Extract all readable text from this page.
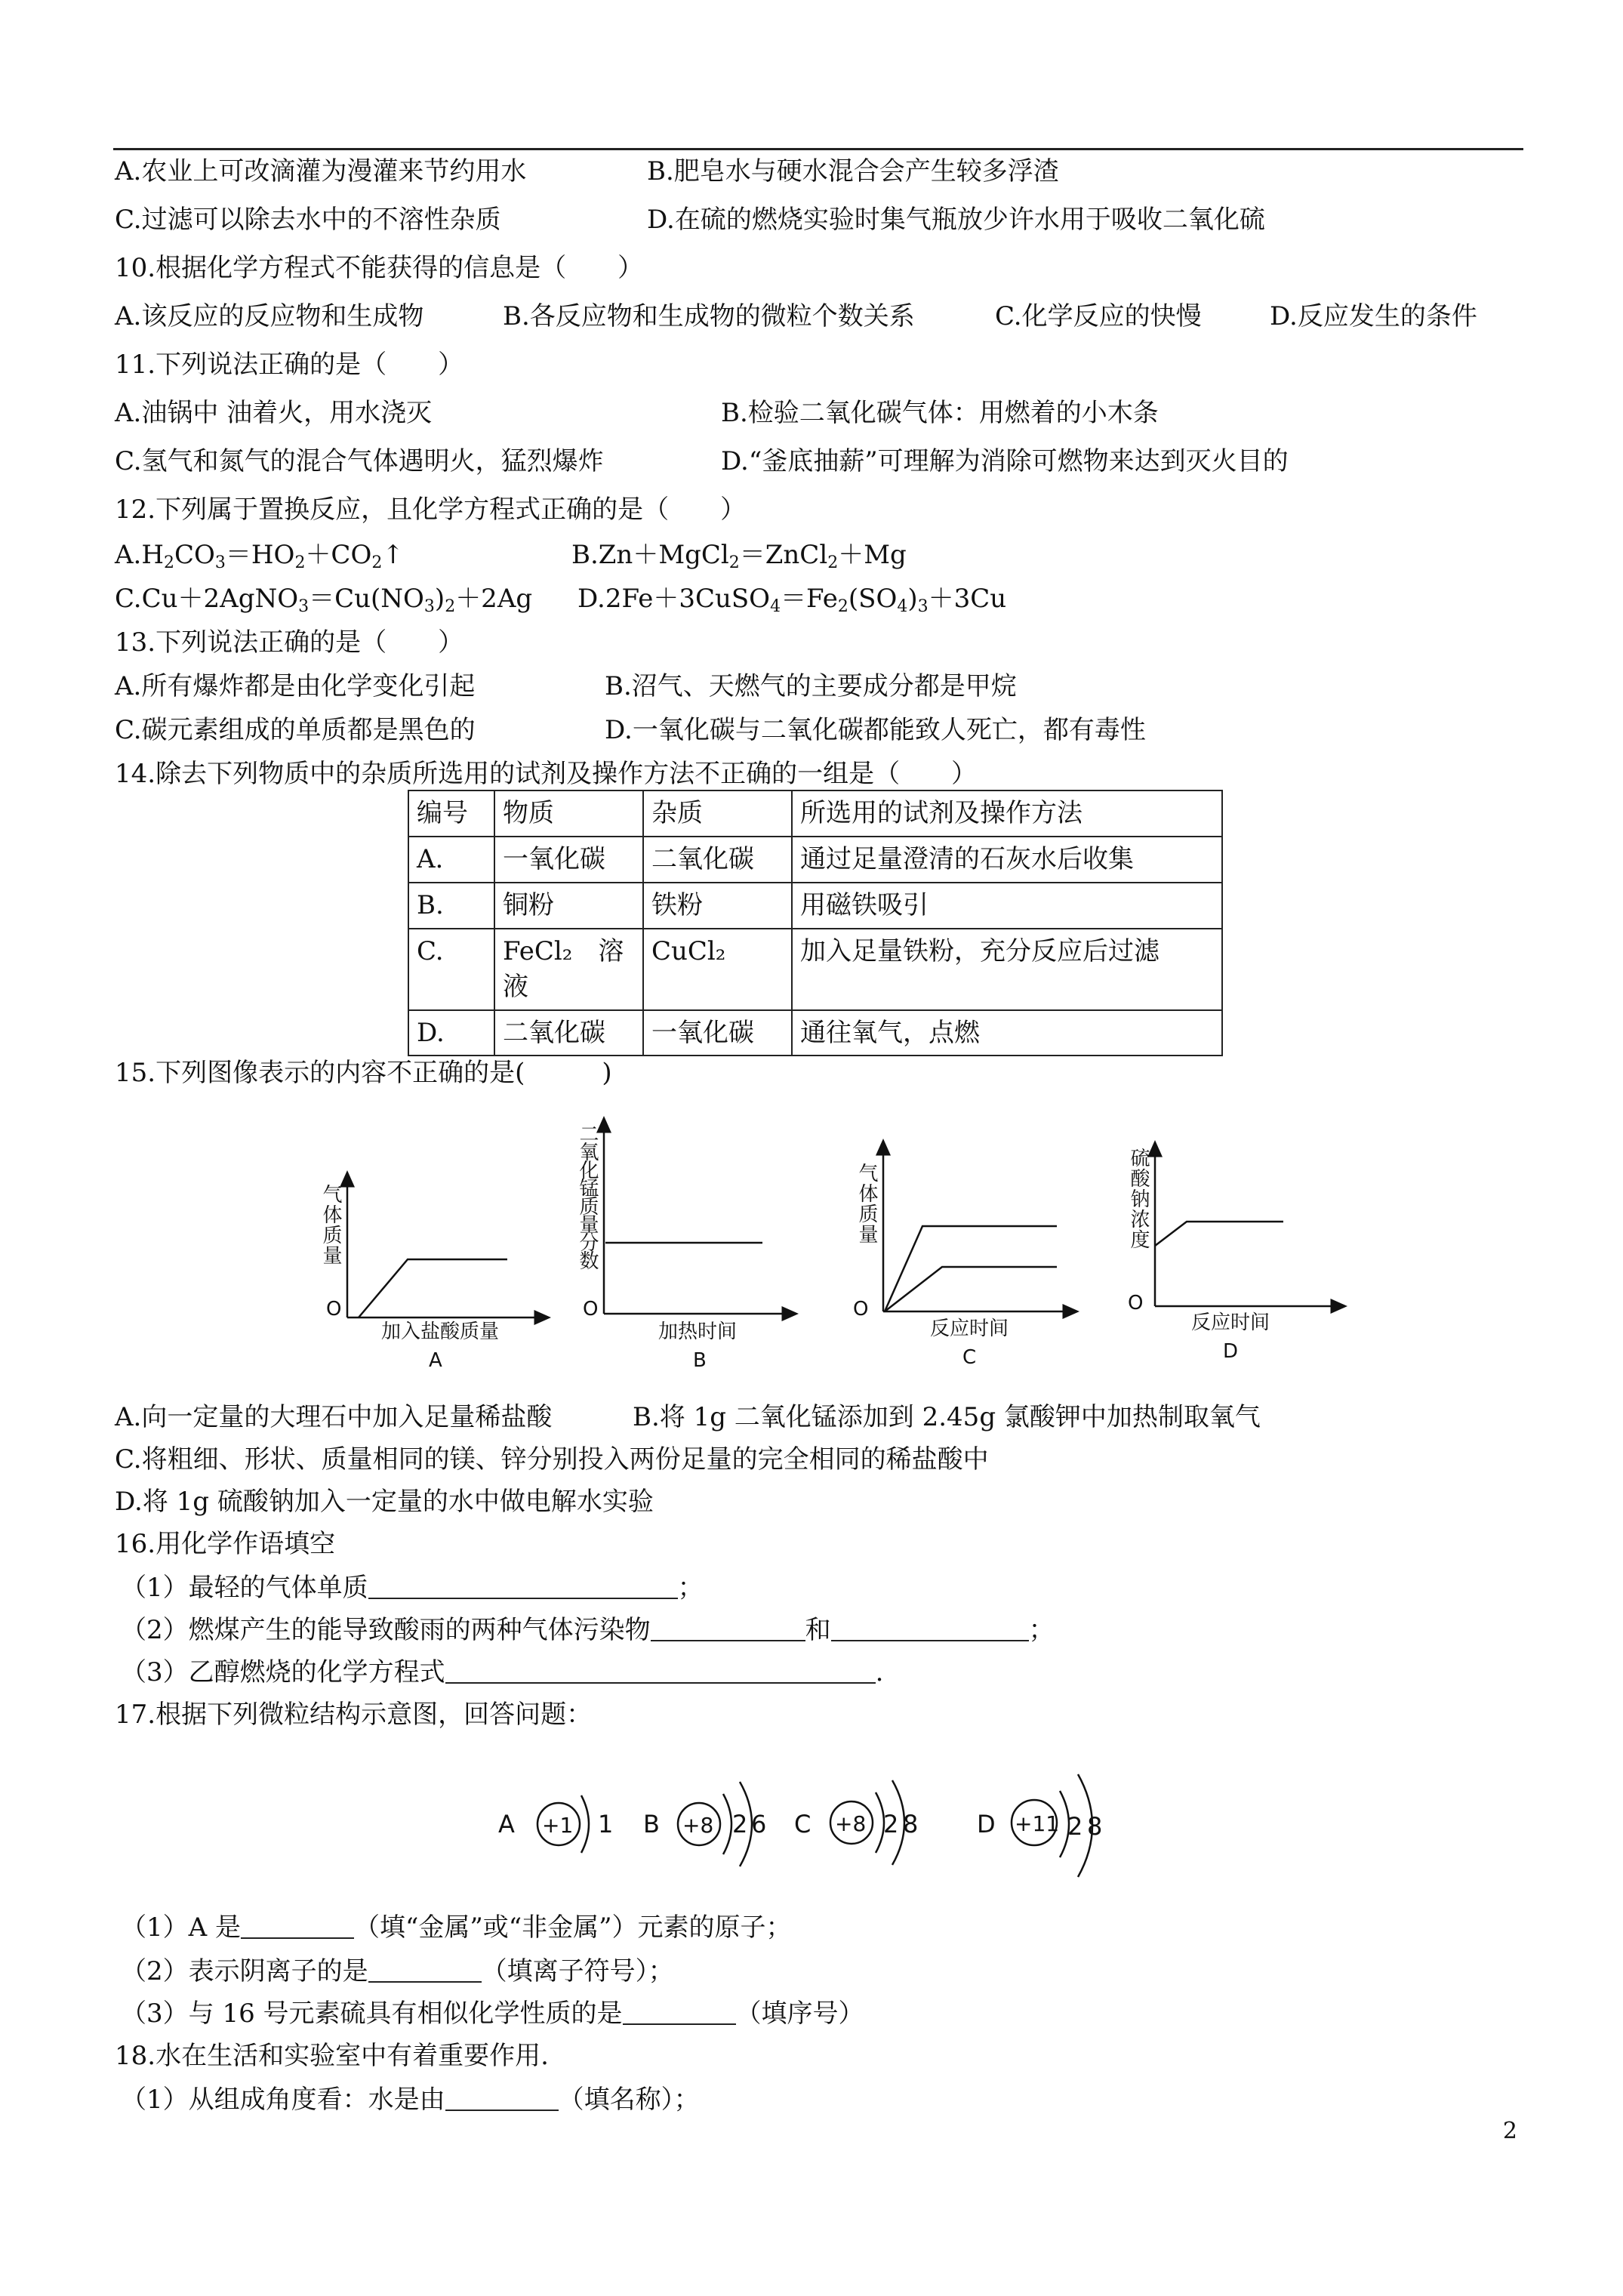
A.农业上可改滴灌为漫灌来节约用水	B.肥皂水与硬水混合会产生较多浮渣
C.过滤可以除去水中的不溶性杂质	D.在硫的燃烧实验时集气瓶放少许水用于吸收二氧化硫
10.根据化学方程式不能获得的信息是（　　）
A.该反应的反应物和生成物	B.各反应物和生成物的微粒个数关系	C.化学反应的快慢	D.反应发生的条件
11.下列说法正确的是（　　）
A.油锅中 油着火，用水浇灭	B.检验二氧化碳气体：用燃着的小木条
C.氢气和氮气的混合气体遇明火，猛烈爆炸	D.“釜底抽薪”可理解为消除可燃物来达到灭火目的
12.下列属于置换反应，且化学方程式正确的是（　　）
$A.H_2CO_3=HO_2+CO_2↑$	B.Zn＋MgCl$_2$＝ZnCl$_2$＋Mg
$C.Cu+2AgNO_3=Cu(NO_3)_2+2Ag$ $D.2Fe+3CuSO_4=Fe_2(SO_4)_3+3Cu$
13.下列说法正确的是（　　）
A.所有爆炸都是由化学变化引起	B.沼气、天燃气的主要成分都是甲烷
C.碳元素组成的单质都是黑色的	D.一氧化碳与二氧化碳都能致人死亡，都有毒性
14.除去下列物质中的杂质所选用的试剂及操作方法不正确的一组是（　　）
编号	物质	杂质	所选用的试剂及操作方法
A.	一氧化碳	二氧化碳	通过足量澄清的石灰水后收集
B.	铜粉	铁粉	用磁铁吸引
C.	FeCl₂　溶液	CuCl₂	加入足量铁粉，充分反应后过滤
D.	二氧化碳	一氧化碳	通往氧气，点燃
15.下列图像表示的内容不正确的是(　　　)
气体质量
O
加入盐酸质量
A
二氧化锰质量分数
O
加热时间
B
气体质量
O
反应时间
C
硫酸钠浓度
O
反应时间
D
A.向一定量的大理石中加入足量稀盐酸	B.将 1g 二氧化锰添加到 2.45g 氯酸钾中加热制取氧气
C.将粗细、形状、质量相同的镁、锌分别投入两份足量的完全相同的稀盐酸中
D.将 1g 硫酸钠加入一定量的水中做电解水实验
16.用化学作语填空
（1）最轻的气体单质	；
（2）燃煤产生的能导致酸雨的两种气体污染物	和	；
（3）乙醇燃烧的化学方程式	.
17.根据下列微粒结构示意图，回答问题：
A +1 1 B +8 2 6 C +8 2 8 D +11 2 8
（1）A 是	（填“金属”或“非金属”）元素的原子；
（2）表示阴离子的是	（填离子符号）；
（3）与 16 号元素硫具有相似化学性质的是	（填序号）
18.水在生活和实验室中有着重要作用.
（1）从组成角度看：水是由	（填名称）；
2
